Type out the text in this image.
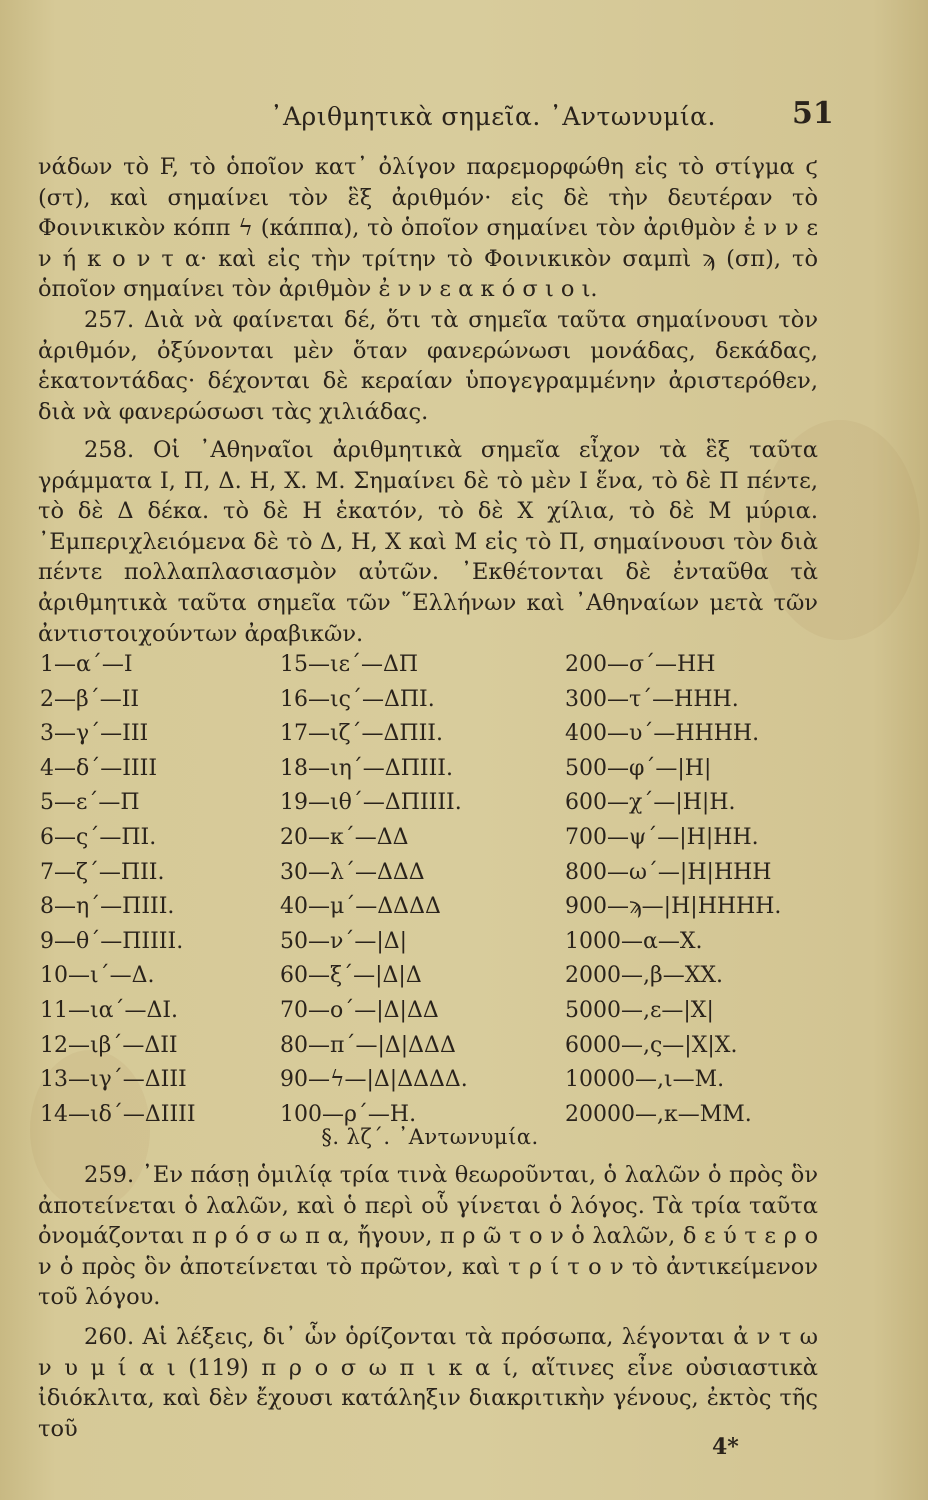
᾿Αριθμητικὰ σημεῖα. ᾿Αντωνυμία.	51

νάδων τὸ F, τὸ ὁποῖον κατ᾿ ὀλίγον παρεμορφώθη εἰς τὸ στίγμα ϛ (στ), καὶ σημαίνει τὸν ἓξ ἀριθμόν· εἰς δὲ τὴν δευτέραν τὸ Φοινικικὸν κόππ ϟ (κάππα), τὸ ὁποῖον σημαίνει τὸν ἀριθμὸν ἐ ν ν ε ν ή κ ο ν τ α· καὶ εἰς τὴν τρίτην τὸ Φοινικικὸν σαμπὶ ϡ (σπ), τὸ ὁποῖον σημαίνει τὸν ἀριθμὸν ἐ ν ν ε α κ ό σ ι ο ι.

257. Διὰ νὰ φαίνεται δέ, ὅτι τὰ σημεῖα ταῦτα σημαίνουσι τὸν ἀριθμόν, ὀξύνονται μὲν ὅταν φανερώνωσι μονάδας, δεκάδας, ἑκατοντάδας· δέχονται δὲ κεραίαν ὑπογεγραμμένην ἀριστερόθεν, διὰ νὰ φανερώσωσι τὰς χιλιάδας.

258. Οἱ ᾿Αθηναῖοι ἀριθμητικὰ σημεῖα εἶχον τὰ ἓξ ταῦτα γράμματα Ι, Π, Δ. Η, Χ. Μ. Σημαίνει δὲ τὸ μὲν Ι ἕνα, τὸ δὲ Π πέντε, τὸ δὲ Δ δέκα. τὸ δὲ Η ἑκατόν, τὸ δὲ Χ χίλια, τὸ δὲ Μ μύρια. ᾿Εμπεριχλειόμενα δὲ τὸ Δ, Η, Χ καὶ Μ εἰς τὸ Π, σημαίνουσι τὸν διὰ πέντε πολλαπλασιασμὸν αὐτῶν. ᾿Εκθέτονται δὲ ἐνταῦθα τὰ ἀριθμητικὰ ταῦτα σημεῖα τῶν ῞Ελλήνων καὶ ᾿Αθηναίων μετὰ τῶν ἀντιστοιχούντων ἀραβικῶν.

1—α΄—Ι
2—β΄—ΙΙ
3—γ΄—ΙΙΙ
4—δ΄—ΙΙΙΙ
5—ε΄—Π
6—ς΄—ΠΙ.
7—ζ΄—ΠΙΙ.
8—η΄—ΠΙΙΙ.
9—θ΄—ΠΙΙΙΙ.
10—ι΄—Δ.
11—ια΄—ΔΙ.
12—ιβ΄—ΔΙΙ
13—ιγ΄—ΔΙΙΙ
14—ιδ΄—ΔΙΙΙΙ
15—ιε΄—ΔΠ
16—ις΄—ΔΠΙ.
17—ιζ΄—ΔΠΙΙ.
18—ιη΄—ΔΠΙΙΙ.
19—ιθ΄—ΔΠΙΙΙΙ.
20—κ΄—ΔΔ
30—λ΄—ΔΔΔ
40—μ΄—ΔΔΔΔ
50—ν΄—|Δ|
60—ξ΄—|Δ|Δ
70—ο΄—|Δ|ΔΔ
80—π΄—|Δ|ΔΔΔ
90—ϟ—|Δ|ΔΔΔΔ.
100—ρ΄—Η.
200—σ΄—ΗΗ
300—τ΄—ΗΗΗ.
400—υ΄—ΗΗΗΗ.
500—φ΄—|Η|
600—χ΄—|Η|Η.
700—ψ΄—|Η|ΗΗ.
800—ω΄—|Η|ΗΗΗ
900—ϡ—|Η|ΗΗΗΗ.
1000—α—Χ.
2000—,β—ΧΧ.
5000—,ε—|Χ|
6000—,ς—|Χ|Χ.
10000—,ι—Μ.
20000—,κ—ΜΜ.
§. λζ΄. ᾿Αντωνυμία.

259. ᾿Εν πάσῃ ὁμιλίᾳ τρία τινὰ θεωροῦνται, ὁ λαλῶν ὁ πρὸς ὃν ἀποτείνεται ὁ λαλῶν, καὶ ὁ περὶ οὗ γίνεται ὁ λόγος. Τὰ τρία ταῦτα ὀνομάζονται π ρ ό σ ω π α, ἤγουν, π ρ ῶ τ ο ν ὁ λαλῶν, δ ε ύ τ ε ρ ο ν ὁ πρὸς ὃν ἀποτείνεται τὸ πρῶτον, καὶ τ ρ ί τ ο ν τὸ ἀντικείμενον τοῦ λόγου.

260. Αἱ λέξεις, δι᾿ ὧν ὁρίζονται τὰ πρόσωπα, λέγονται ἀ ν τ ω ν υ μ ί α ι (119) π ρ ο σ ω π ι κ α ί, αἵτινες εἶνε οὐσιαστικὰ ἰδιόκλιτα, καὶ δὲν ἔχουσι κατάληξιν διακριτικὴν γένους, ἐκτὸς τῆς τοῦ

4*
